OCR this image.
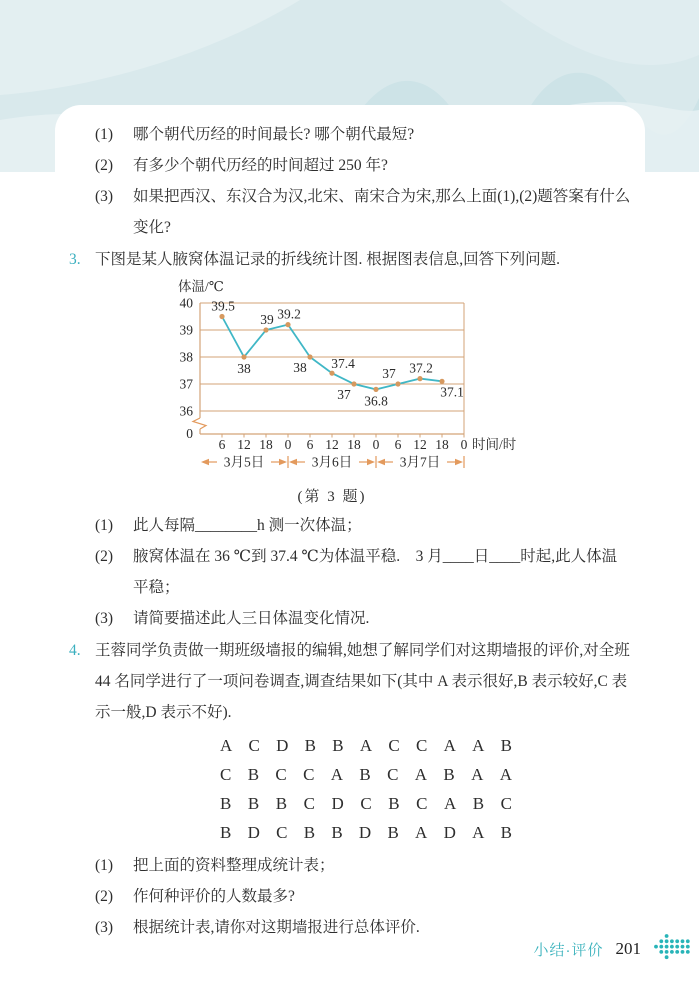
(1)	哪个朝代历经的时间最长? 哪个朝代最短?
(2)	有多少个朝代历经的时间超过 250 年?
(3)	如果把西汉、东汉合为汉,北宋、南宋合为宋,那么上面(1),(2)题答案有什么变化?
3. 下图是某人腋窝体温记录的折线统计图. 根据图表信息,回答下列问题.
40
39
38
37
36
0
体温/℃
6 12 18 0 6 12 18 0 6 12 18 0 时间/时
3月5日	3月6日	3月7日
39.5
38
39 39.2
38 37.4
37 36.8
37 37.2
37.1
(第 3 题)
(1)	此人每隔________h 测一次体温；
(2)	腋窝体温在 36 ℃到 37.4 ℃为体温平稳.　3 月____日____时起,此人体温平稳；
(3)	请简要描述此人三日体温变化情况.
4. 王蓉同学负责做一期班级墙报的编辑,她想了解同学们对这期墙报的评价,对全班 44 名同学进行了一项问卷调查,调查结果如下(其中 A 表示很好,B 表示较好,C 表示一般,D 表示不好).
A C D B B A C C A A B
C B C C A B C A B A A
B B B C D C B C A B C
B D C B B D B A D A B
(1)	把上面的资料整理成统计表；
(2)	作何种评价的人数最多?
(3)	根据统计表,请你对这期墙报进行总体评价.
小结·评价 201
